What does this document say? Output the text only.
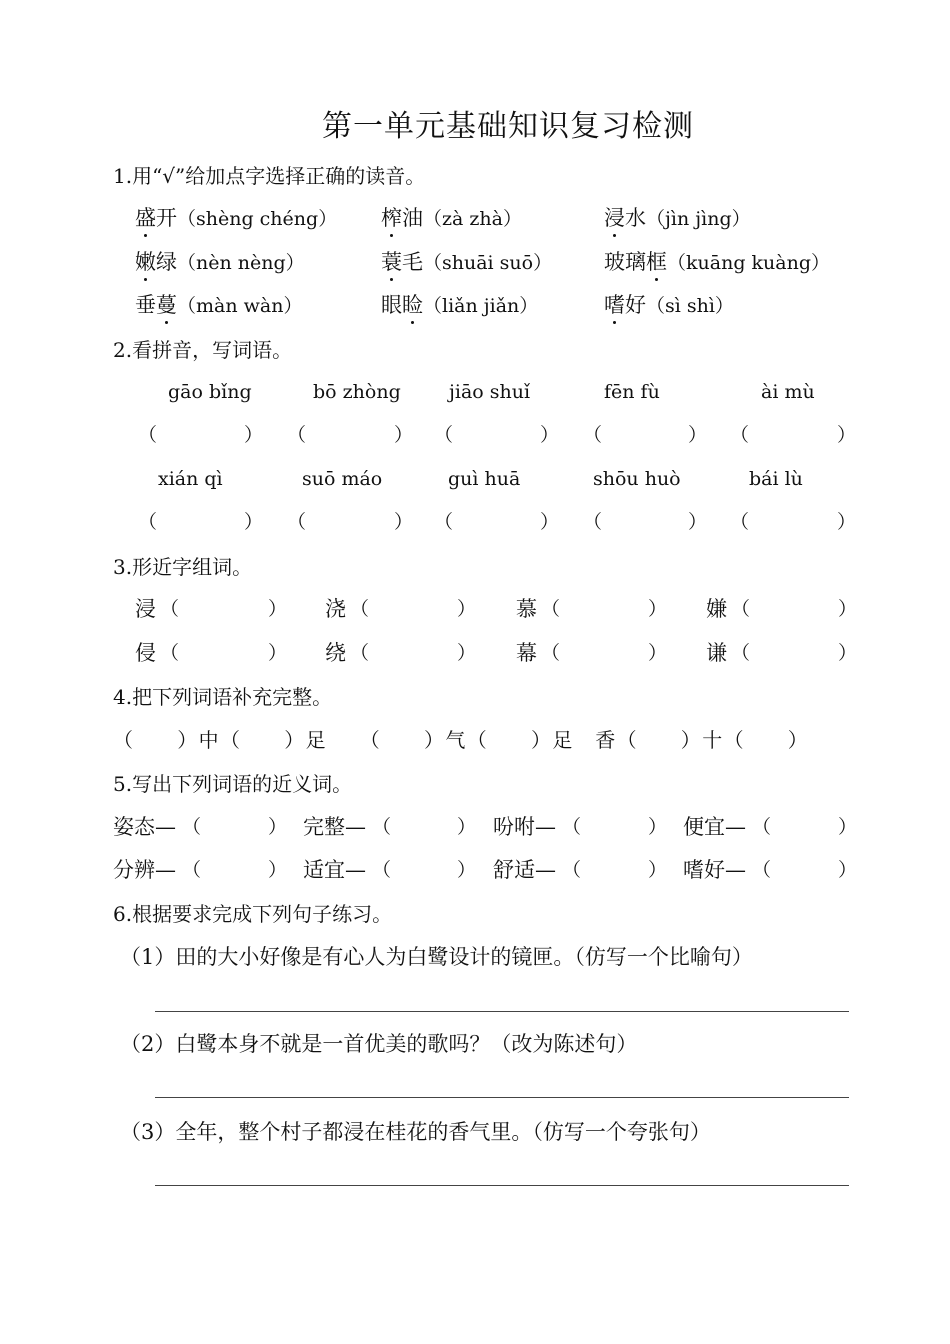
第一单元基础知识复习检测
1.用“√”给加点字选择正确的读音。
盛开（shèng chéng） 榨油（zà zhà）	浸水（jìn jìng）
嫩绿（nèn nèng）	蓑毛（shuāi suō） 玻璃框（kuāng kuàng）
垂蔓（màn wàn）	眼睑（liǎn jiǎn）	嗜好（sì shì）
2.看拼音，写词语。
gāo bǐng	bō zhòng	jiāo shuǐ	fēn fù	ài mù
（	） （	） （	） （	） （	）
xián qì	suō máo	guì huā	shōu huò	bái lù
（	） （	） （	） （	） （	）
3.形近字组词。
浸 （	） 浇 （	） 慕 （	） 嫌 （	）
侵 （	） 绕 （	） 幕 （	） 谦 （	）
4.把下列词语补充完整。
（　　）中（　　）足　　（　　）气（　　）足　香（　　）十（　　）
5.写出下列词语的近义词。
姿态— （	） 完整— （	） 吩咐— （	） 便宜— （	）
分辨— （	） 适宜— （	） 舒适— （	） 嗜好— （	）
6.根据要求完成下列句子练习。
（1）田的大小好像是有心人为白鹭设计的镜匣。（仿写一个比喻句）
（2）白鹭本身不就是一首优美的歌吗？（改为陈述句）
（3）全年，整个村子都浸在桂花的香气里。（仿写一个夸张句）
